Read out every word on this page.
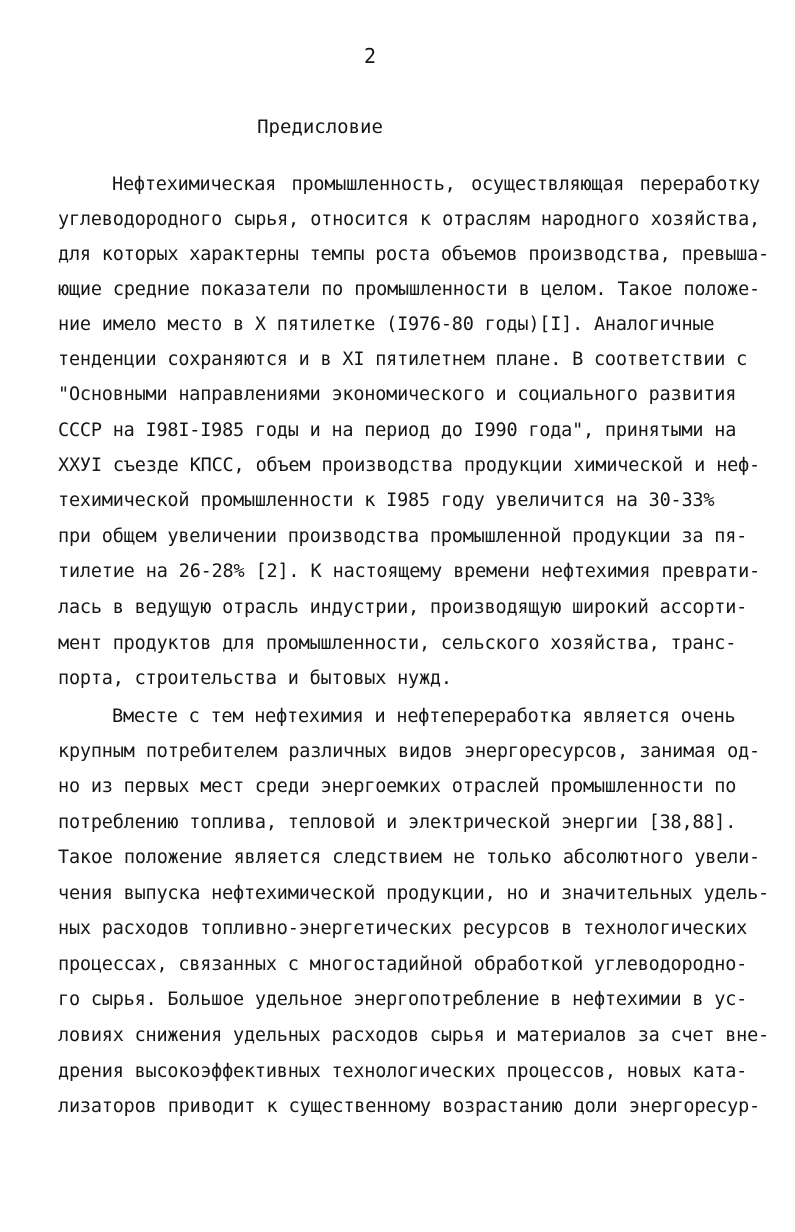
2
Предисловие
Нефтехимическая промышленность, осуществляющая переработку
углеводородного сырья, относится к отраслям народного хозяйства,
для которых характерны темпы роста объемов производства, превыша-
ющие средние показатели по промышленности в целом. Такое положе-
ние имело место в X пятилетке (I976-80 годы)[I]. Аналогичные
тенденции сохраняются и в XI пятилетнем плане. В соответствии с
"Основными направлениями экономического и социального развития
СССР на I98I-I985 годы и на период до I990 года", принятыми на
XXУI съезде КПСС, объем производства продукции химической и неф-
техимической промышленности к I985 году увеличится на 30-33%
при общем увеличении производства промышленной продукции за пя-
тилетие на 26-28% [2]. К настоящему времени нефтехимия преврати-
лась в ведущую отрасль индустрии, производящую широкий ассорти-
мент продуктов для промышленности, сельского хозяйства, транс-
порта, строительства и бытовых нужд.
Вместе с тем нефтехимия и нефтепереработка является очень
крупным потребителем различных видов энергоресурсов, занимая од-
но из первых мест среди энергоемких отраслей промышленности по
потреблению топлива, тепловой и электрической энергии [38,88].
Такое положение является следствием не только абсолютного увели-
чения выпуска нефтехимической продукции, но и значительных удель-
ных расходов топливно-энергетических ресурсов в технологических
процессах, связанных с многостадийной обработкой углеводородно-
го сырья. Большое удельное энергопотребление в нефтехимии в ус-
ловиях снижения удельных расходов сырья и материалов за счет вне-
дрения высокоэффективных технологических процессов, новых ката-
лизаторов приводит к существенному возрастанию доли энергоресур-
